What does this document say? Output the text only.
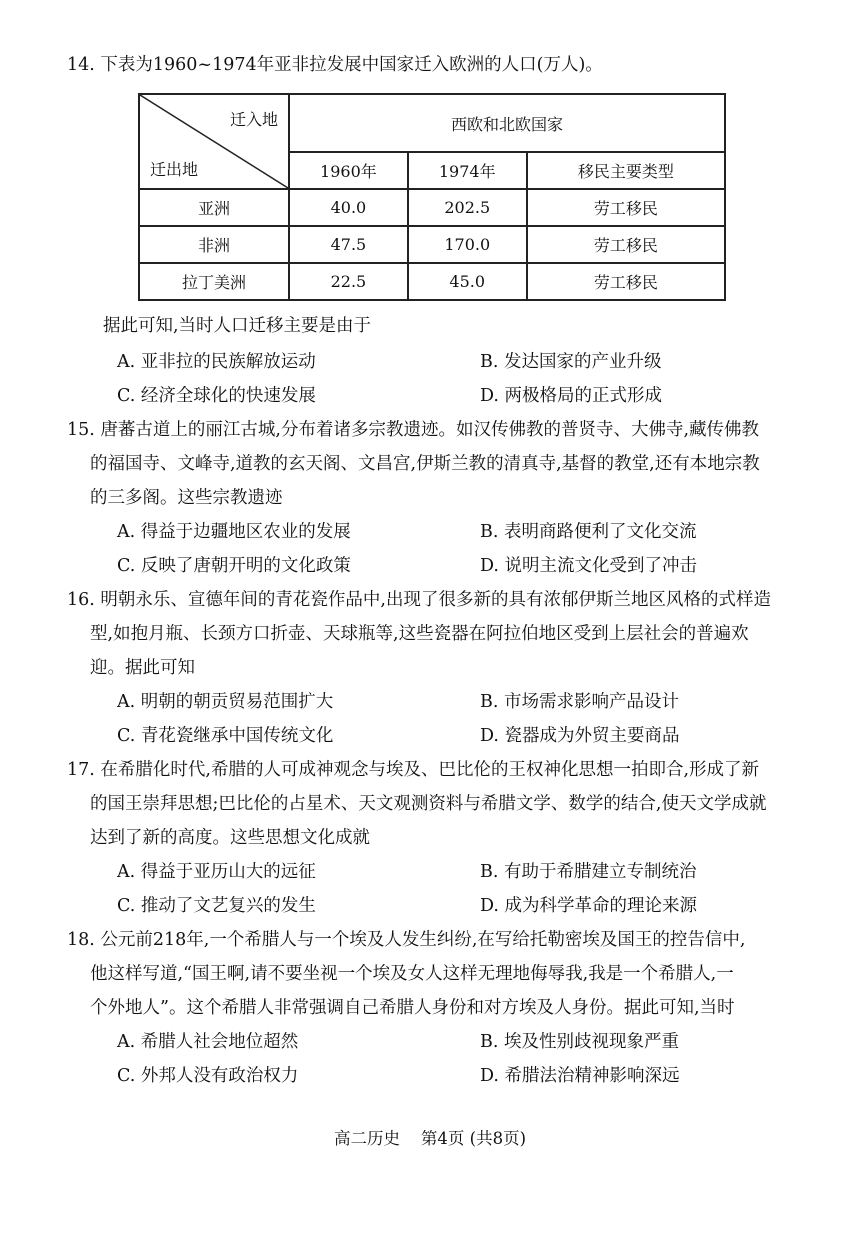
14. 下表为1960~1974年亚非拉发展中国家迁入欧洲的人口(万人)。
迁入地
迁出地	西欧和北欧国家		
	1960年	1974年	移民主要类型
亚洲	40.0	202.5	劳工移民
非洲	47.5	170.0	劳工移民
拉丁美洲	22.5	45.0	劳工移民
据此可知,当时人口迁移主要是由于
A. 亚非拉的民族解放运动	B. 发达国家的产业升级
C. 经济全球化的快速发展	D. 两极格局的正式形成
15. 唐蕃古道上的丽江古城,分布着诸多宗教遗迹。如汉传佛教的普贤寺、大佛寺,藏传佛教
的福国寺、文峰寺,道教的玄天阁、文昌宫,伊斯兰教的清真寺,基督的教堂,还有本地宗教
的三多阁。这些宗教遗迹
A. 得益于边疆地区农业的发展	B. 表明商路便利了文化交流
C. 反映了唐朝开明的文化政策	D. 说明主流文化受到了冲击
16. 明朝永乐、宣德年间的青花瓷作品中,出现了很多新的具有浓郁伊斯兰地区风格的式样造
型,如抱月瓶、长颈方口折壶、天球瓶等,这些瓷器在阿拉伯地区受到上层社会的普遍欢
迎。据此可知
A. 明朝的朝贡贸易范围扩大	B. 市场需求影响产品设计
C. 青花瓷继承中国传统文化	D. 瓷器成为外贸主要商品
17. 在希腊化时代,希腊的人可成神观念与埃及、巴比伦的王权神化思想一拍即合,形成了新
的国王崇拜思想;巴比伦的占星术、天文观测资料与希腊文学、数学的结合,使天文学成就
达到了新的高度。这些思想文化成就
A. 得益于亚历山大的远征	B. 有助于希腊建立专制统治
C. 推动了文艺复兴的发生	D. 成为科学革命的理论来源
18. 公元前218年,一个希腊人与一个埃及人发生纠纷,在写给托勒密埃及国王的控告信中,
他这样写道,“国王啊,请不要坐视一个埃及女人这样无理地侮辱我,我是一个希腊人,一
个外地人”。这个希腊人非常强调自己希腊人身份和对方埃及人身份。据此可知,当时
A. 希腊人社会地位超然	B. 埃及性别歧视现象严重
C. 外邦人没有政治权力	D. 希腊法治精神影响深远
高二历史    第4页 (共8页)
